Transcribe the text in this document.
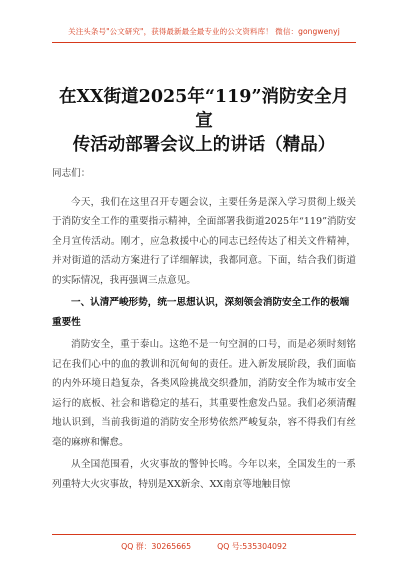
关注头条号"公文研究"，获得最新最全最专业的公文资料库！ 微信：gongwenyj
在XX街道2025年“119”消防安全月宣
传活动部署会议上的讲话（精品）

同志们：

今天，我们在这里召开专题会议，主要任务是深入学习贯彻上级关于消防安全工作的重要指示精神，全面部署我街道2025年“119”消防安全月宣传活动。刚才，应急救援中心的同志已经传达了相关文件精神，并对街道的活动方案进行了详细解读，我都同意。下面，结合我们街道的实际情况，我再强调三点意见。

一、认清严峻形势，统一思想认识，深刻领会消防安全工作的极端重要性

消防安全，重于泰山。这绝不是一句空洞的口号，而是必须时刻铭记在我们心中的血的教训和沉甸甸的责任。进入新发展阶段，我们面临的内外环境日趋复杂，各类风险挑战交织叠加，消防安全作为城市安全运行的底板、社会和谐稳定的基石，其重要性愈发凸显。我们必须清醒地认识到，当前我街道的消防安全形势依然严峻复杂，容不得我们有丝毫的麻痹和懈怠。

从全国范围看，火灾事故的警钟长鸣。今年以来，全国发生的一系列重特大火灾事故，特别是XX新余、XX南京等地触目惊

QQ 群：30265665	QQ 号:535304092
